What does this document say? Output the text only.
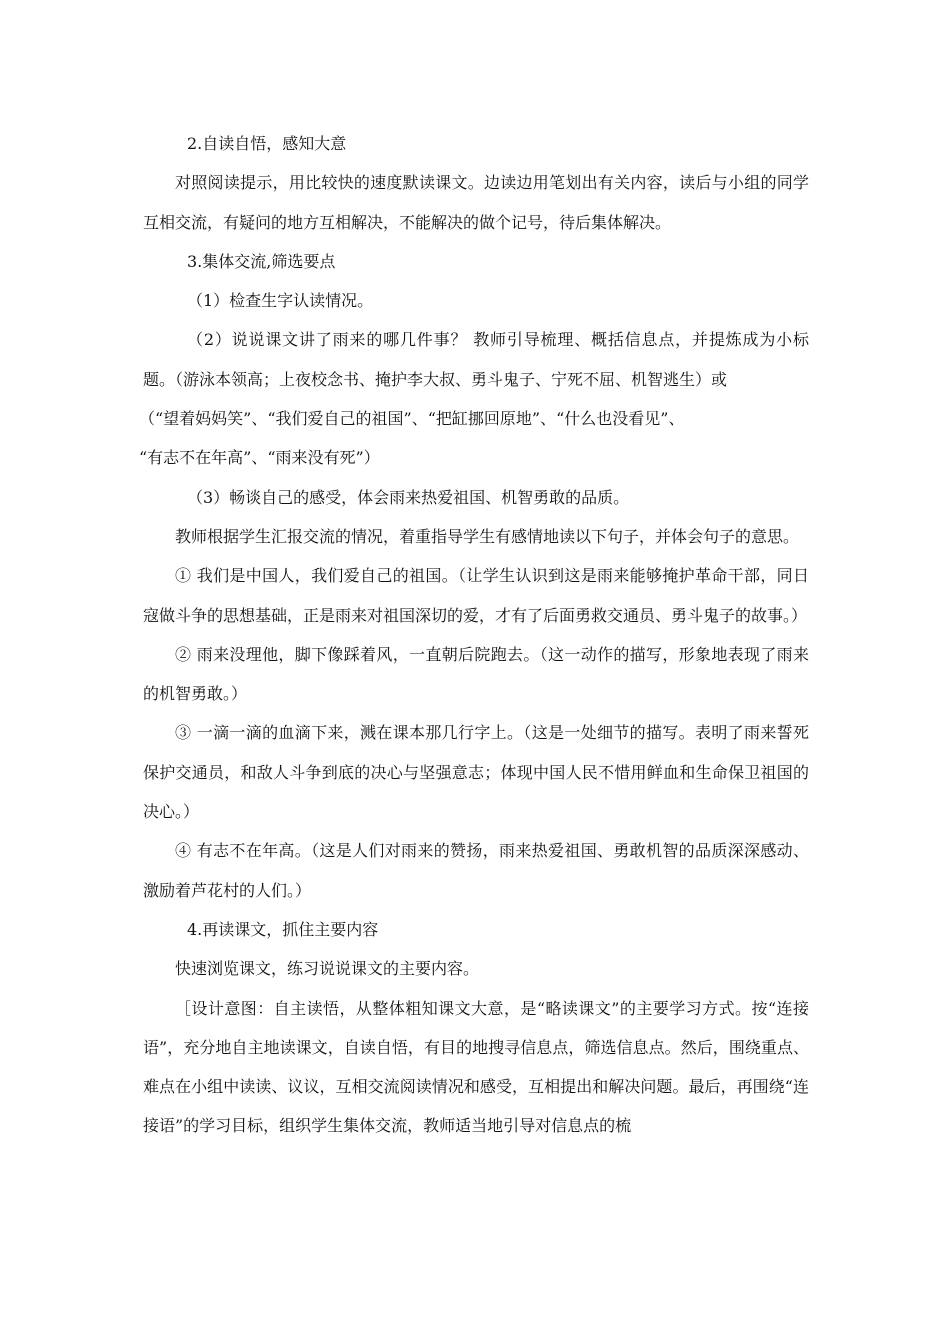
2.自读自悟，感知大意

对照阅读提示，用比较快的速度默读课文。边读边用笔划出有关内容，读后与小组的同学互相交流，有疑问的地方互相解决，不能解决的做个记号，待后集体解决。

3.集体交流,筛选要点

（1）检查生字认读情况。

（2）说说课文讲了雨来的哪几件事？ 教师引导梳理、概括信息点，并提炼成为小标题。（游泳本领高；上夜校念书、掩护李大叔、勇斗鬼子、宁死不屈、机智逃生）或

（“望着妈妈笑”、“我们爱自己的祖国”、“把缸挪回原地”、“什么也没看见”、

“有志不在年高”、“雨来没有死”）

（3）畅谈自己的感受，体会雨来热爱祖国、机智勇敢的品质。

教师根据学生汇报交流的情况，着重指导学生有感情地读以下句子，并体会句子的意思。

① 我们是中国人，我们爱自己的祖国。（让学生认识到这是雨来能够掩护革命干部，同日寇做斗争的思想基础，正是雨来对祖国深切的爱，才有了后面勇救交通员、勇斗鬼子的故事。）

② 雨来没理他，脚下像踩着风，一直朝后院跑去。（这一动作的描写，形象地表现了雨来的机智勇敢。）

③ 一滴一滴的血滴下来，溅在课本那几行字上。（这是一处细节的描写。表明了雨来誓死保护交通员，和敌人斗争到底的决心与坚强意志；体现中国人民不惜用鲜血和生命保卫祖国的决心。）

④ 有志不在年高。（这是人们对雨来的赞扬，雨来热爱祖国、勇敢机智的品质深深感动、激励着芦花村的人们。）

4.再读课文，抓住主要内容

快速浏览课文，练习说说课文的主要内容。

［设计意图：自主读悟，从整体粗知课文大意，是“略读课文”的主要学习方式。按“连接语”，充分地自主地读课文，自读自悟，有目的地搜寻信息点，筛选信息点。然后，围绕重点、难点在小组中读读、议议，互相交流阅读情况和感受，互相提出和解决问题。最后，再围绕“连接语”的学习目标，组织学生集体交流，教师适当地引导对信息点的梳
